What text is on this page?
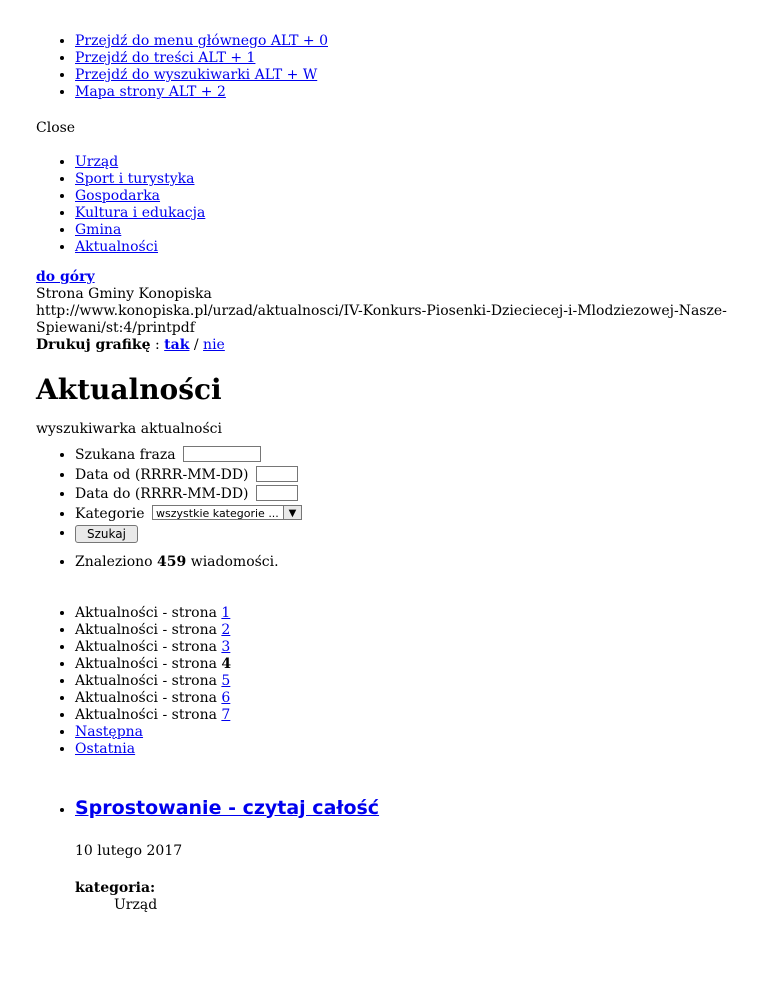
• Przejdź do menu głównego ALT + 0
• Przejdź do treści ALT + 1
• Przejdź do wyszukiwarki ALT + W
• Mapa strony ALT + 2
Close
• Urząd
• Sport i turystyka
• Gospodarka
• Kultura i edukacja
• Gmina
• Aktualności
do góry
Strona Gminy Konopiska
http://www.konopiska.pl/urzad/aktualnosci/IV-Konkurs-Piosenki-Dzieciecej-i-Mlodziezowej-Nasze-Spiewani/st:4/printpdf
Drukuj grafikę : tak / nie
Aktualności
wyszukiwarka aktualności
• Szukana fraza
• Data od (RRRR-MM-DD)
• Data do (RRRR-MM-DD)
• Kategorie wszystkie kategorie ... ▼
• Szukaj
• Znaleziono 459 wiadomości.
• Aktualności - strona 1
• Aktualności - strona 2
• Aktualności - strona 3
• Aktualności - strona 4
• Aktualności - strona 5
• Aktualności - strona 6
• Aktualności - strona 7
• Następna
• Ostatnia
• Sprostowanie - czytaj całość
10 lutego 2017
kategoria:
Urząd
